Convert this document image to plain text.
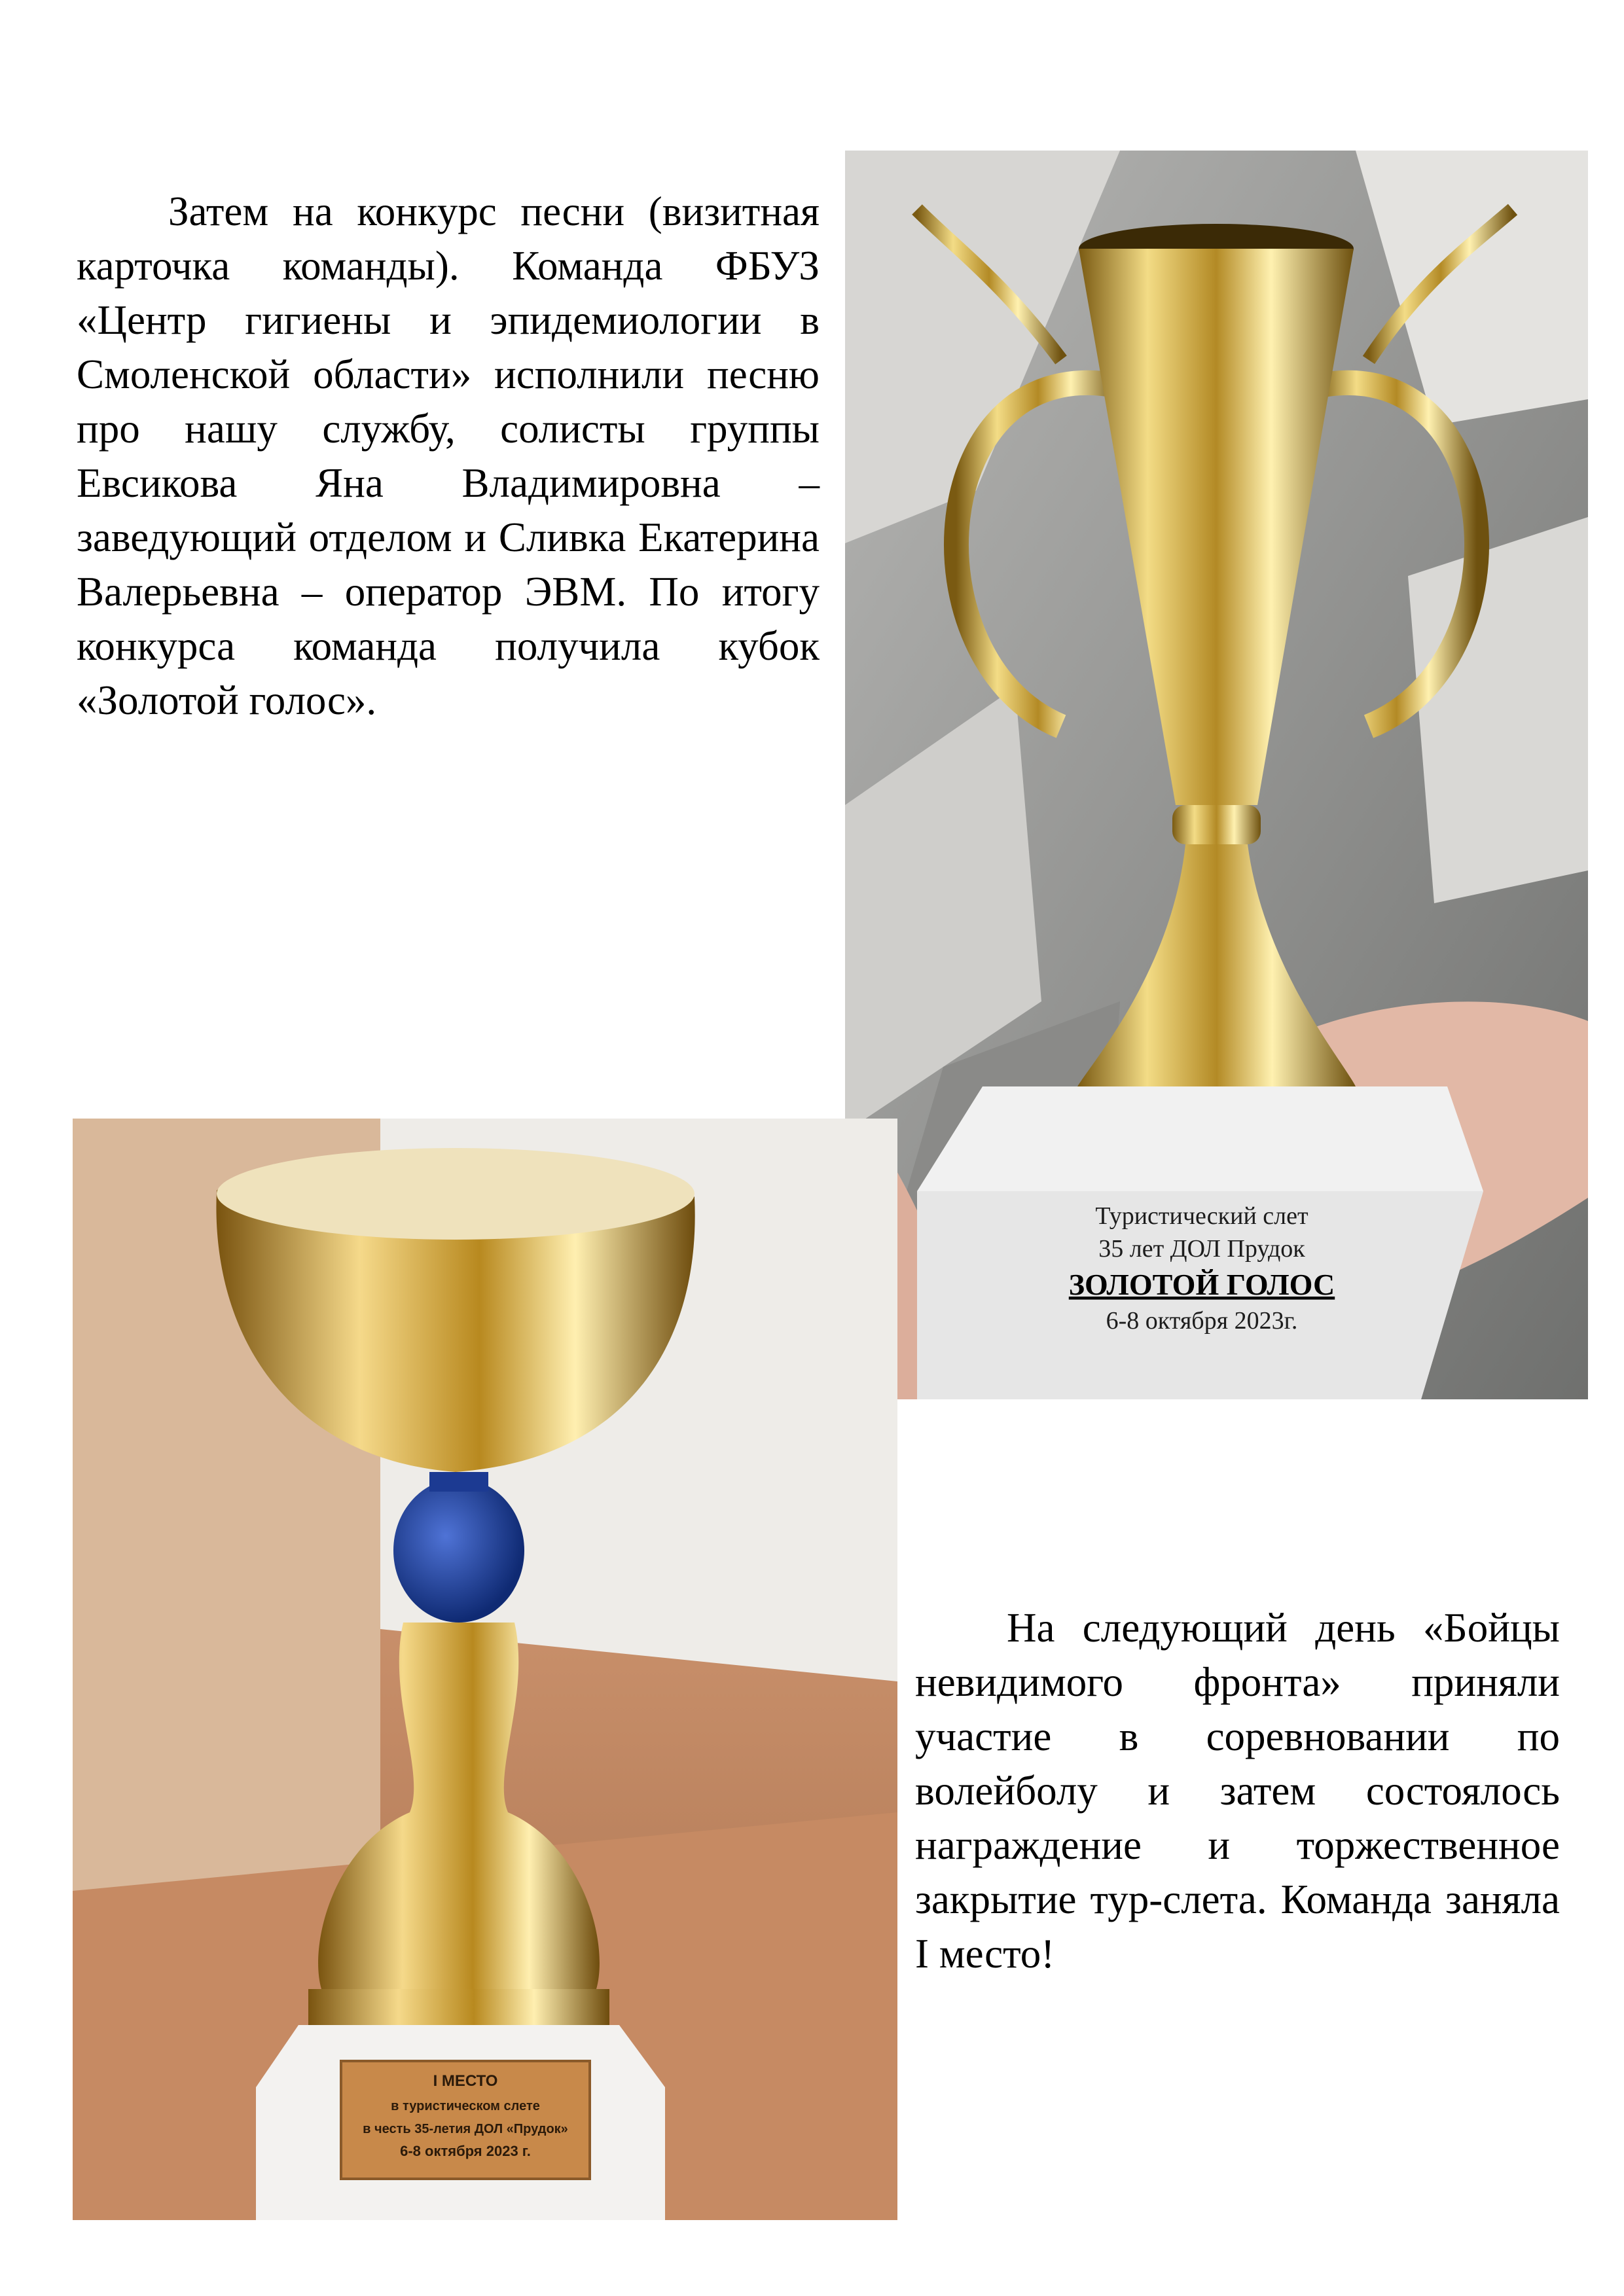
Затем на конкурс песни (визитная карточка команды). Команда ФБУЗ «Центр гигиены и эпидемиологии в Смоленской области» исполнили песню про нашу службу, солисты группы Евсикова Яна Владимировна – заведующий отделом и Сливка Екатерина Валерьевна – оператор ЭВМ. По итогу конкурса команда получила кубок «Золотой голос».

Туристический слет
35 лет ДОЛ Прудок
ЗОЛОТОЙ ГОЛОС
6-8 октября 2023г.
I МЕСТО
в туристическом слете
в честь 35-летия ДОЛ «Прудок»
6-8 октября 2023 г.

На следующий день «Бойцы невидимого фронта» приняли участие в соревновании по волейболу и затем состоялось награждение и торжественное закрытие тур-слета. Команда заняла I место!
